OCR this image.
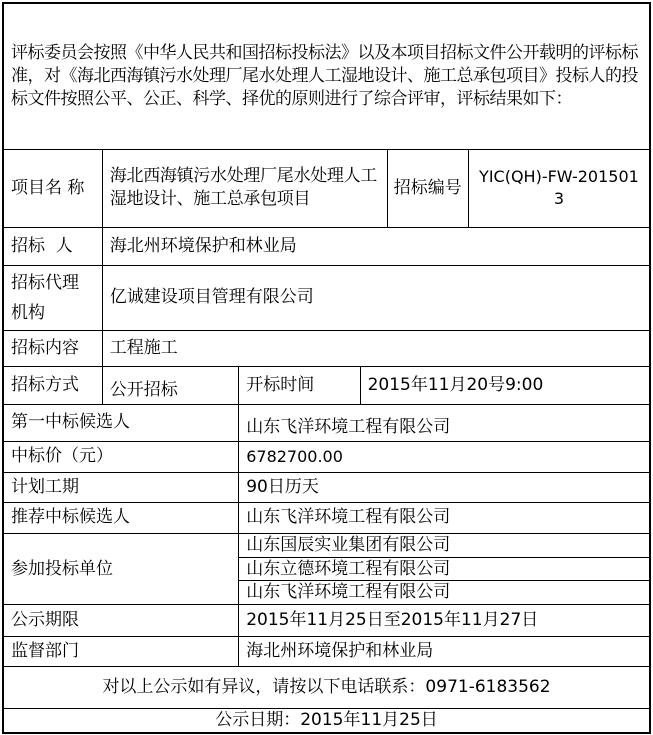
评标委员会按照《中华人民共和国招标投标法》以及本项目招标文件公开载明的评标标准，对《海北西海镇污水处理厂尾水处理人工湿地设计、施工总承包项目》投标人的投标文件按照公平、公正、科学、择优的原则进行了综合评审，评标结果如下：					
项目名 称	海北西海镇污水处理厂尾水处理人工湿地设计、施工总承包项目			招标编号	YIC(QH)-FW-2015013
招标  人	海北州环境保护和林业局				
招标代理机构	亿诚建设项目管理有限公司				
招标内容	工程施工				
招标方式	公开招标	开标时间	2015年11月20号9:00		
第一中标候选人		山东飞洋环境工程有限公司			
中标价（元）		6782700.00			
计划工期		90日历天			
推荐中标候选人		山东飞洋环境工程有限公司			
参加投标单位		山东国辰实业集团有限公司			
		山东立德环境工程有限公司			
		山东飞洋环境工程有限公司			
公示期限		2015年11月25日至2015年11月27日			
监督部门		海北州环境保护和林业局			
对以上公示如有异议，请按以下电话联系：0971-6183562					
公示日期：2015年11月25日					
